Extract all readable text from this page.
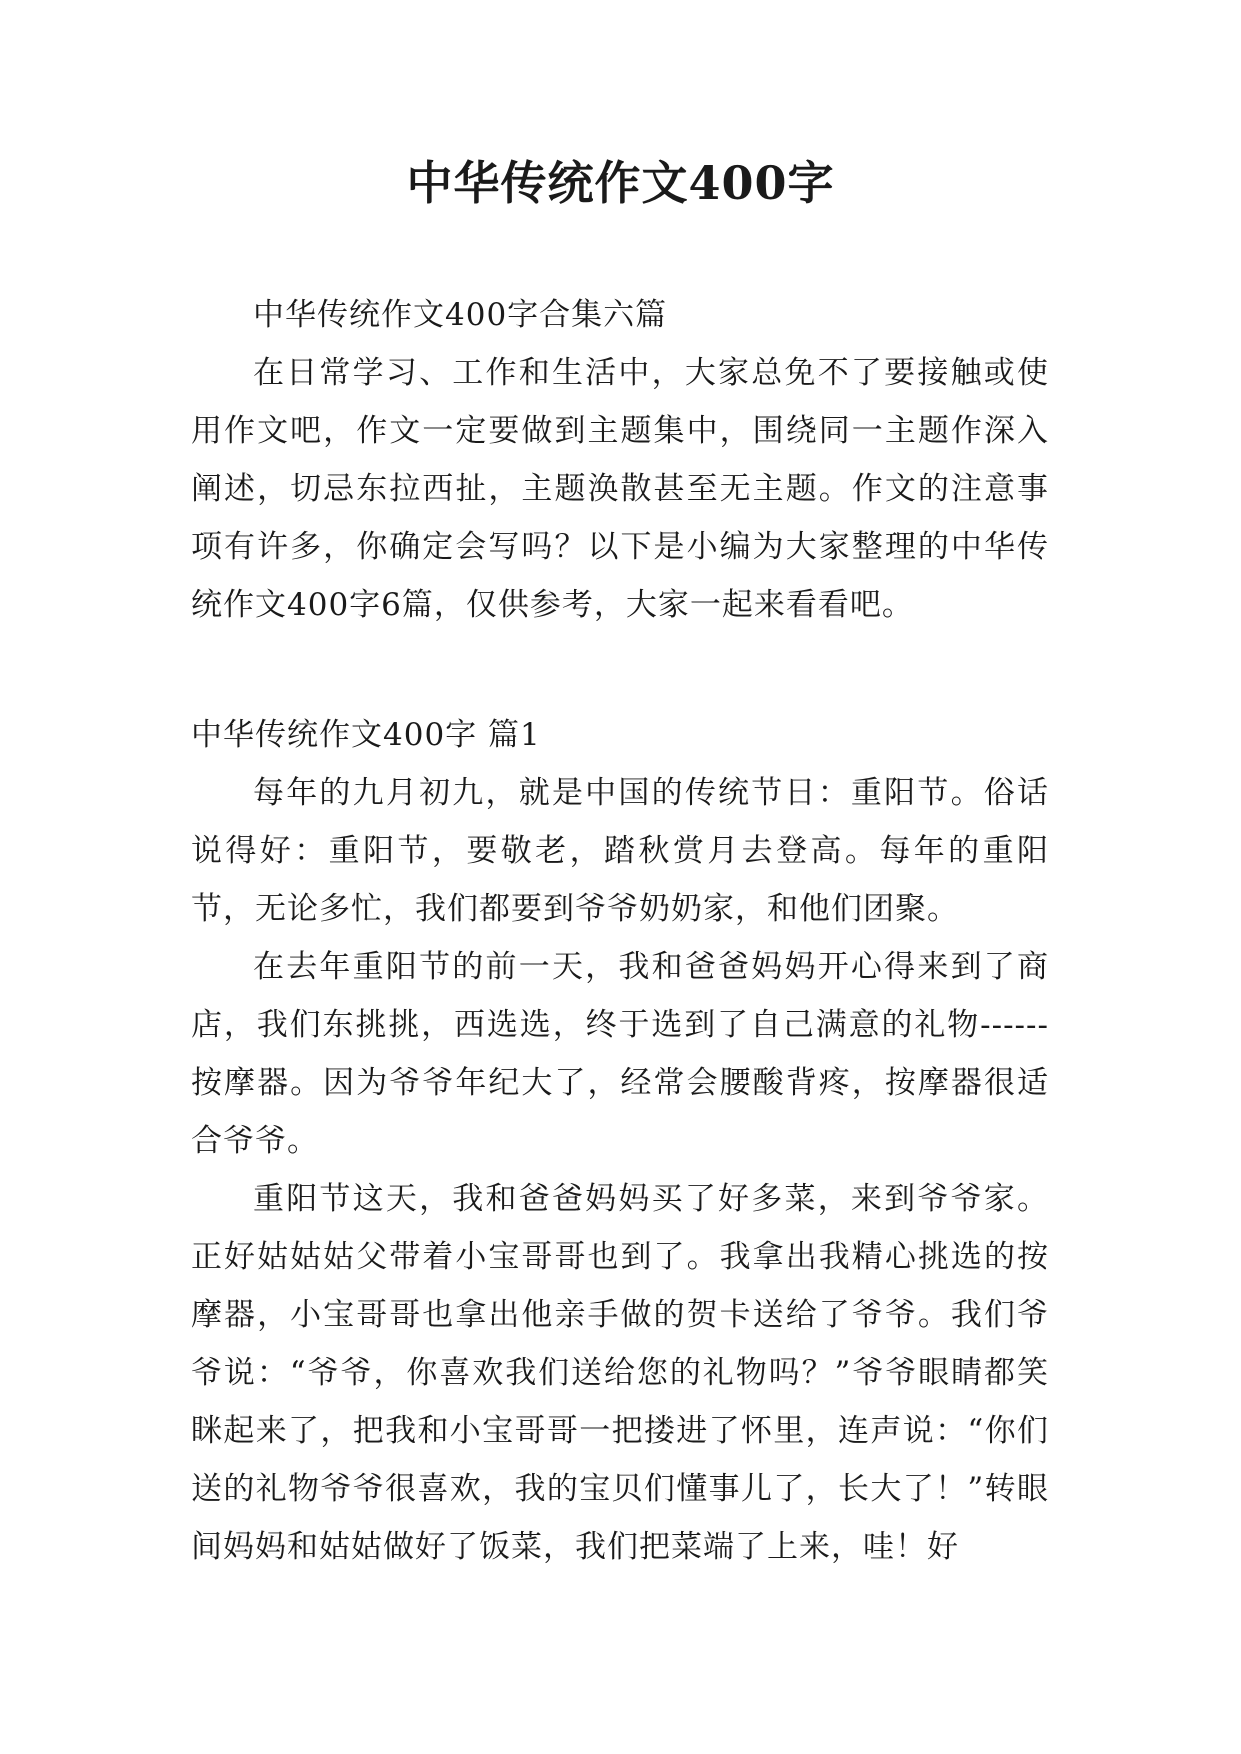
中华传统作文400字

中华传统作文400字合集六篇

在日常学习、工作和生活中，大家总免不了要接触或使用作文吧，作文一定要做到主题集中，围绕同一主题作深入阐述，切忌东拉西扯，主题涣散甚至无主题。作文的注意事项有许多，你确定会写吗？以下是小编为大家整理的中华传统作文400字6篇，仅供参考，大家一起来看看吧。

中华传统作文400字 篇1

每年的九月初九，就是中国的传统节日：重阳节。俗话说得好：重阳节，要敬老，踏秋赏月去登高。每年的重阳节，无论多忙，我们都要到爷爷奶奶家，和他们团聚。

在去年重阳节的前一天，我和爸爸妈妈开心得来到了商店，我们东挑挑，西选选，终于选到了自己满意的礼物------按摩器。因为爷爷年纪大了，经常会腰酸背疼，按摩器很适合爷爷。

重阳节这天，我和爸爸妈妈买了好多菜，来到爷爷家。正好姑姑姑父带着小宝哥哥也到了。我拿出我精心挑选的按摩器，小宝哥哥也拿出他亲手做的贺卡送给了爷爷。我们爷爷说：“爷爷，你喜欢我们送给您的礼物吗？”爷爷眼睛都笑眯起来了，把我和小宝哥哥一把搂进了怀里，连声说：“你们送的礼物爷爷很喜欢，我的宝贝们懂事儿了，长大了！”转眼间妈妈和姑姑做好了饭菜，我们把菜端了上来，哇！好
